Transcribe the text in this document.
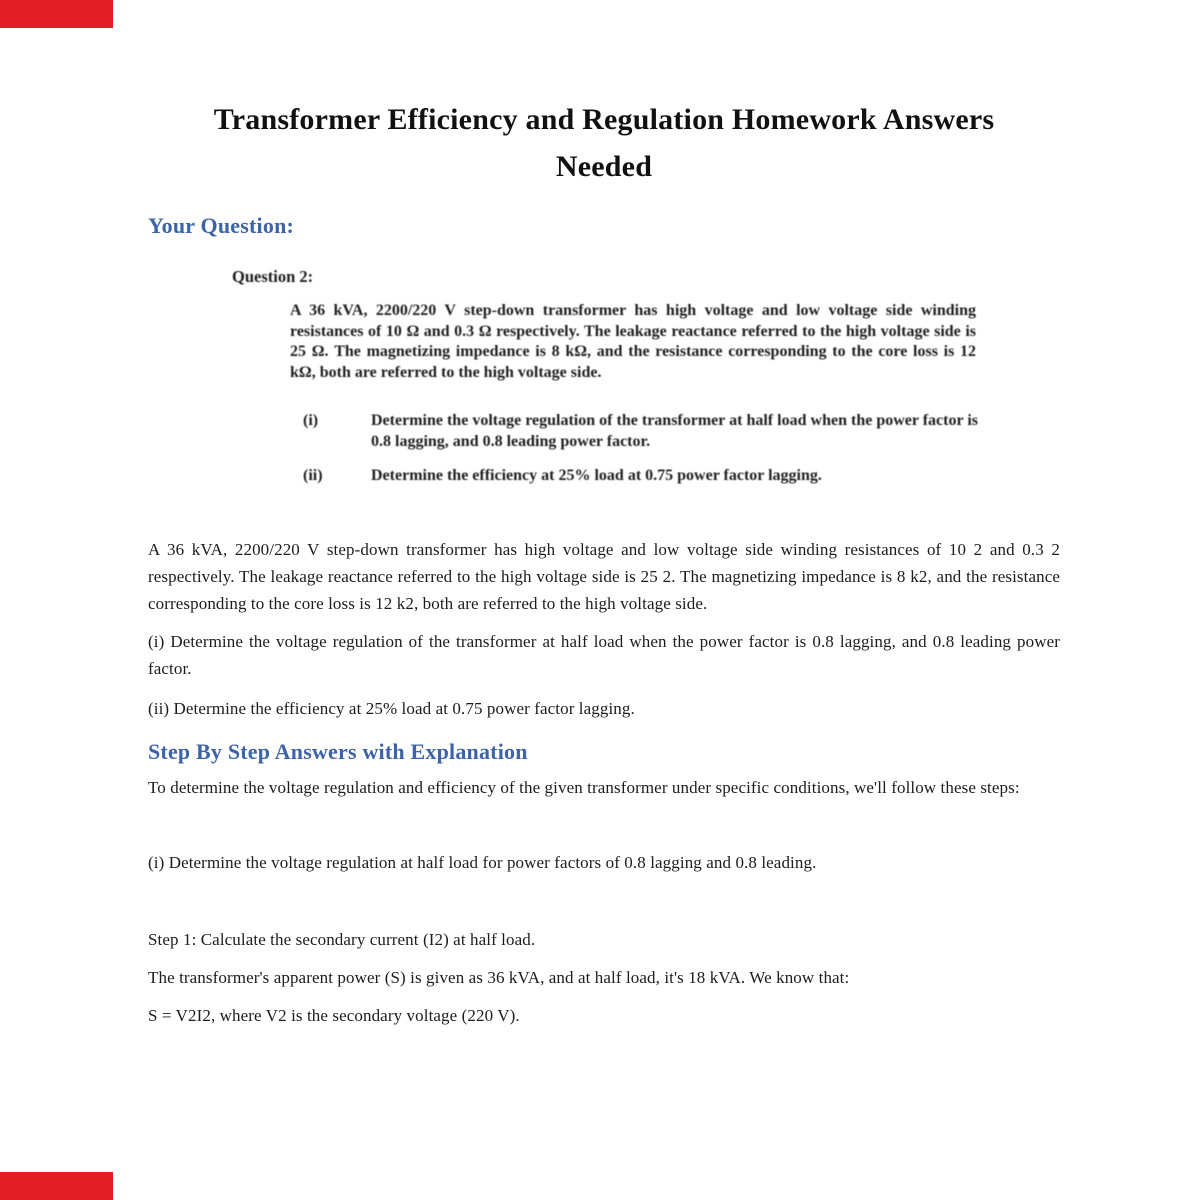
Transformer Efficiency and Regulation Homework Answers
Needed
Your Question:
Question 2:
A 36 kVA, 2200/220 V step-down transformer has high voltage and low voltage side winding resistances of 10 Ω and 0.3 Ω respectively. The leakage reactance referred to the high voltage side is 25 Ω. The magnetizing impedance is 8 kΩ, and the resistance corresponding to the core loss is 12 kΩ, both are referred to the high voltage side.
(i)	Determine the voltage regulation of the transformer at half load when the power factor is 0.8 lagging, and 0.8 leading power factor.
(ii)	Determine the efficiency at 25% load at 0.75 power factor lagging.

A 36 kVA, 2200/220 V step-down transformer has high voltage and low voltage side winding resistances of 10 2 and 0.3 2 respectively. The leakage reactance referred to the high voltage side is 25 2. The magnetizing impedance is 8 k2, and the resistance corresponding to the core loss is 12 k2, both are referred to the high voltage side.

(i) Determine the voltage regulation of the transformer at half load when the power factor is 0.8 lagging, and 0.8 leading power factor.

(ii) Determine the efficiency at 25% load at 0.75 power factor lagging.

Step By Step Answers with Explanation

To determine the voltage regulation and efficiency of the given transformer under specific conditions, we'll follow these steps:

(i) Determine the voltage regulation at half load for power factors of 0.8 lagging and 0.8 leading.

Step 1: Calculate the secondary current (I2) at half load.

The transformer's apparent power (S) is given as 36 kVA, and at half load, it's 18 kVA. We know that:

S = V2I2, where V2 is the secondary voltage (220 V).
